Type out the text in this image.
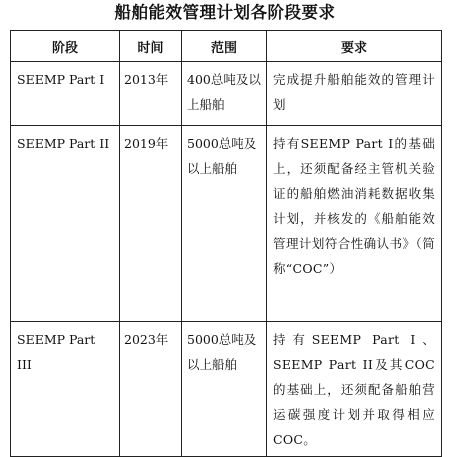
船舶能效管理计划各阶段要求
阶段	时间	范围	要求
SEEMP Part I	2013年	400总吨及以上船舶	完成提升船舶能效的管理计划
SEEMP Part II	2019年	5000总吨及以上船舶	持有SEEMP Part I的基础上，还须配备经主管机关验证的船舶燃油消耗数据收集计划，并核发的《船舶能效管理计划符合性确认书》（简称“COC”）
SEEMP Part III	2023年	5000总吨及以上船舶	持有SEEMP Part I、SEEMP Part II及其COC的基础上，还须配备船舶营运碳强度计划并取得相应COC。
